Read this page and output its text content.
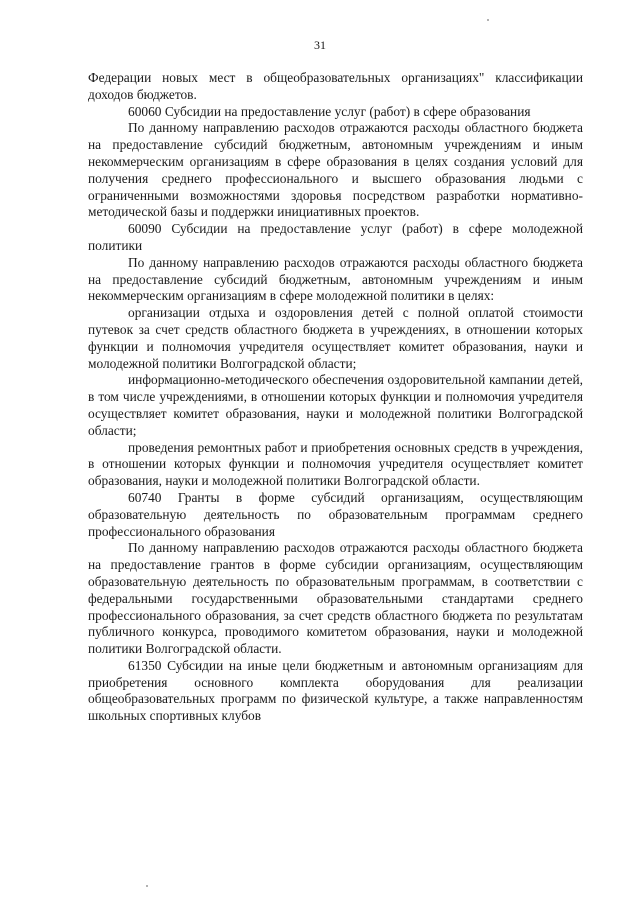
31

Федерации новых мест в общеобразовательных организациях" классификации доходов бюджетов.

60060 Субсидии на предоставление услуг (работ) в сфере образования

По данному направлению расходов отражаются расходы областного бюджета на предоставление субсидий бюджетным, автономным учреждениям и иным некоммерческим организациям в сфере образования в целях создания условий для получения среднего профессионального и высшего образования людьми с ограниченными возможностями здоровья посредством разработки нормативно-методической базы и поддержки инициативных проектов.

60090 Субсидии на предоставление услуг (работ) в сфере молодежной политики

По данному направлению расходов отражаются расходы областного бюджета на предоставление субсидий бюджетным, автономным учреждениям и иным некоммерческим организациям в сфере молодежной политики в целях:

организации отдыха и оздоровления детей с полной оплатой стоимости путевок за счет средств областного бюджета в учреждениях, в отношении которых функции и полномочия учредителя осуществляет комитет образования, науки и молодежной политики Волгоградской области;

информационно-методического обеспечения оздоровительной кампании детей, в том числе учреждениями, в отношении которых функции и полномочия учредителя осуществляет комитет образования, науки и молодежной политики Волгоградской области;

проведения ремонтных работ и приобретения основных средств в учреждения, в отношении которых функции и полномочия учредителя осуществляет комитет образования, науки и молодежной политики Волгоградской области.

60740 Гранты в форме субсидий организациям, осуществляющим образовательную деятельность по образовательным программам среднего профессионального образования

По данному направлению расходов отражаются расходы областного бюджета на предоставление грантов в форме субсидии организациям, осуществляющим образовательную деятельность по образовательным программам, в соответствии с федеральными государственными образовательными стандартами среднего профессионального образования, за счет средств областного бюджета по результатам публичного конкурса, проводимого комитетом образования, науки и молодежной политики Волгоградской области.

61350 Субсидии на иные цели бюджетным и автономным организациям для приобретения основного комплекта оборудования для реализации общеобразовательных программ по физической культуре, а также направленностям школьных спортивных клубов
